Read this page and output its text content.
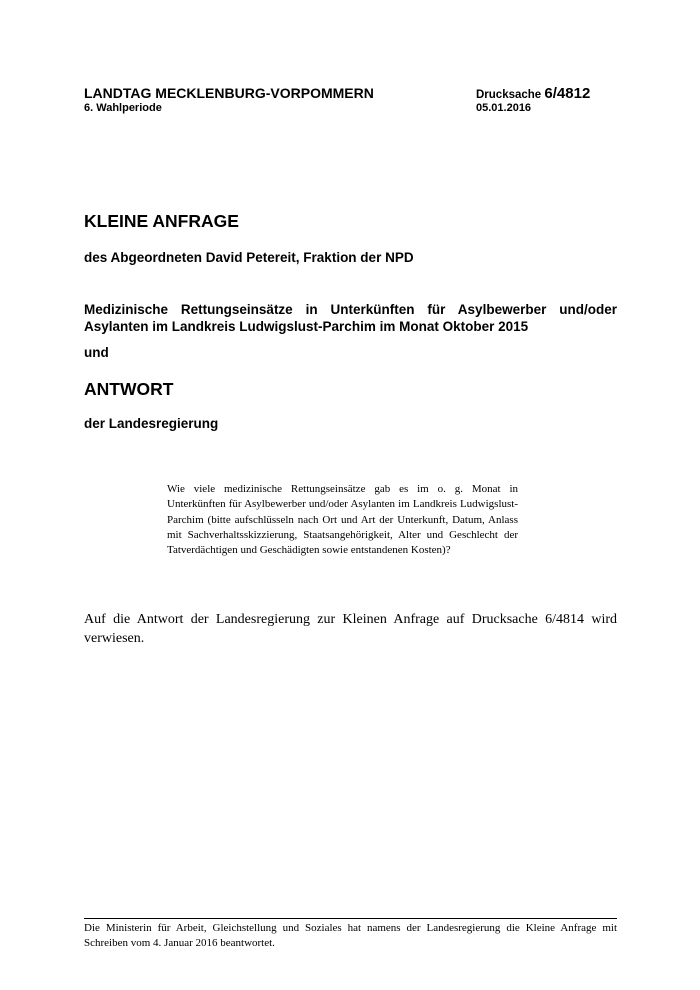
LANDTAG MECKLENBURG-VORPOMMERN
6. Wahlperiode
Drucksache 6/4812
05.01.2016
KLEINE ANFRAGE
des Abgeordneten David Petereit, Fraktion der NPD
Medizinische Rettungseinsätze in Unterkünften für Asylbewerber und/oder Asylanten im Landkreis Ludwigslust-Parchim im Monat Oktober 2015
und
ANTWORT
der Landesregierung
Wie viele medizinische Rettungseinsätze gab es im o. g. Monat in Unterkünften für Asylbewerber und/oder Asylanten im Landkreis Ludwigslust-Parchim (bitte aufschlüsseln nach Ort und Art der Unterkunft, Datum, Anlass mit Sachverhaltsskizzierung, Staatsangehörigkeit, Alter und Geschlecht der Tatverdächtigen und Geschädigten sowie entstandenen Kosten)?
Auf die Antwort der Landesregierung zur Kleinen Anfrage auf Drucksache 6/4814 wird verwiesen.
Die Ministerin für Arbeit, Gleichstellung und Soziales hat namens der Landesregierung die Kleine Anfrage mit Schreiben vom 4. Januar 2016 beantwortet.
